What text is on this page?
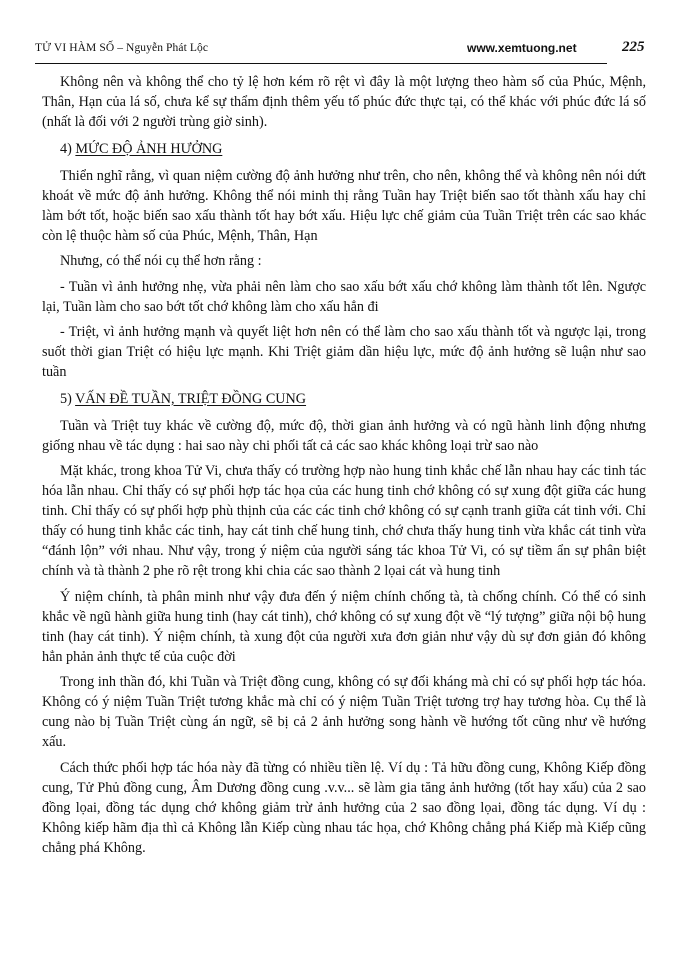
TỬ VI HÀM SỐ – Nguyễn Phát Lộc	www.xemtuong.net	225

Không nên và không thể cho tỷ lệ hơn kém rõ rệt vì đây là một lượng theo hàm số của Phúc, Mệnh, Thân, Hạn của lá số, chưa kể sự thẩm định thêm yếu tố phúc đức thực tại, có thể khác với phúc đức lá số (nhất là đối với 2 người trùng giờ sinh).

4) MỨC ĐỘ ẢNH HƯỞNG

Thiển nghĩ rằng, vì quan niệm cường độ ảnh hưởng như trên, cho nên, không thể và không nên nói dứt khoát về mức độ ảnh hưởng. Không thể nói minh thị rằng Tuần hay Triệt biến sao tốt thành xấu hay chỉ làm bớt tốt, hoặc biến sao xấu thành tốt hay bớt xấu. Hiệu lực chế giảm của Tuần Triệt trên các sao khác còn lệ thuộc hàm số của Phúc, Mệnh, Thân, Hạn

Nhưng, có thể nói cụ thể hơn rằng :

- Tuần vì ảnh hưởng nhẹ, vừa phải nên làm cho sao xấu bớt xấu chớ không làm thành tốt lên. Ngược lại, Tuần làm cho sao bớt tốt chớ không làm cho xấu hẳn đi

- Triệt, vì ảnh hưởng mạnh và quyết liệt hơn nên có thể làm cho sao xấu thành tốt và ngược lại, trong suốt thời gian Triệt có hiệu lực mạnh. Khi Triệt giảm dần hiệu lực, mức độ ảnh hưởng sẽ luận như sao tuần

5) VẤN ĐỀ TUẦN, TRIỆT ĐỒNG CUNG

Tuần và Triệt tuy khác về cường độ, mức độ, thời gian ảnh hưởng và có ngũ hành linh động nhưng giống nhau về tác dụng : hai sao này chi phối tất cả các sao khác không loại trừ sao nào

Mặt khác, trong khoa Tử Vi, chưa thấy có trường hợp nào hung tinh khắc chế lẫn nhau hay các tinh tác hóa lẫn nhau. Chỉ thấy có sự phối hợp tác họa của các hung tinh chớ không có sự xung đột giữa các hung tinh. Chỉ thấy có sự phối hợp phù thịnh của các các tinh chớ không có sự cạnh tranh giữa cát tinh với. Chỉ thấy có hung tinh khắc các tinh, hay cát tinh chế hung tinh, chớ chưa thấy hung tinh vừa khắc cát tinh vừa “đánh lộn” với nhau. Như vậy, trong ý niệm của người sáng tác khoa Tử Vi, có sự tiềm ẩn sự phân biệt chính và tà thành 2 phe rõ rệt trong khi chia các sao thành 2 lọai cát và hung tinh

Ý niệm chính, tà phân minh như vậy đưa đến ý niệm chính chống tà, tà chống chính. Có thể có sinh khắc về ngũ hành giữa hung tinh (hay cát tinh), chớ không có sự xung đột về “lý tượng” giữa nội bộ hung tinh (hay cát tinh). Ý niệm chính, tà xung đột của người xưa đơn giản như vậy dù sự đơn giản đó không hẳn phản ảnh thực tế của cuộc đời

Trong inh thần đó, khi Tuần và Triệt đồng cung, không có sự đối kháng mà chỉ có sự phối hợp tác hóa. Không có ý niệm Tuần Triệt tương khắc mà chỉ có ý niệm Tuần Triệt tương trợ hay tương hòa. Cụ thể là cung nào bị Tuần Triệt cùng án ngữ, sẽ bị cả 2 ảnh hưởng song hành về hướng tốt cũng như về hướng xấu.

Cách thức phối hợp tác hóa này đã từng có nhiều tiền lệ. Ví dụ : Tả hữu đồng cung, Không Kiếp đồng cung, Tử Phủ đồng cung, Âm Dương đồng cung .v.v... sẽ làm gia tăng ảnh hưởng (tốt hay xấu) của 2 sao đồng lọai, đồng tác dụng chớ không giảm trừ ảnh hưởng của 2 sao đồng lọai, đồng tác dụng. Ví dụ : Không kiếp hãm địa thì cả Không lẫn Kiếp cùng nhau tác họa, chớ Không chẳng phá Kiếp mà Kiếp cũng chẳng phá Không.
